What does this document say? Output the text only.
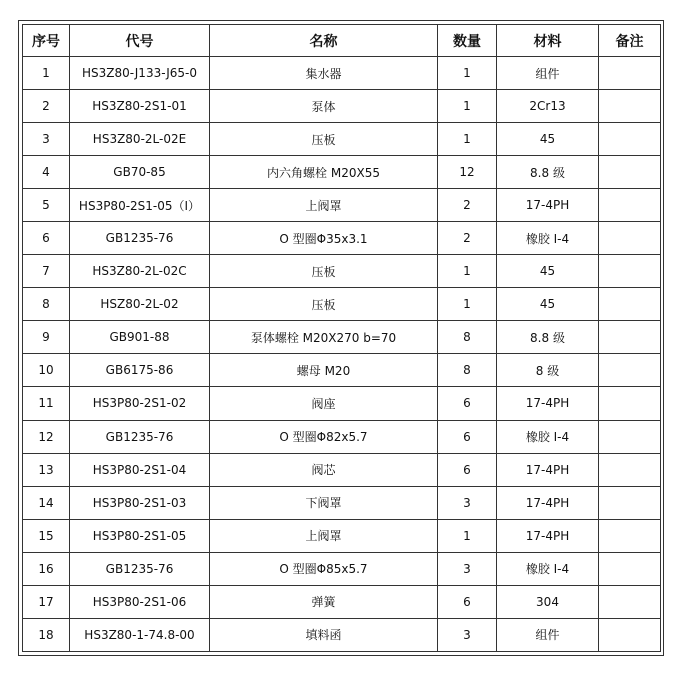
序号	代号	名称	数量	材料	备注
1	HS3Z80-J133-J65-0	集水器	1	组件	
2	HS3Z80-2S1-01	泵体	1	2Cr13	
3	HS3Z80-2L-02E	压板	1	45	
4	GB70-85	内六角螺栓 M20X55	12	8.8 级	
5	HS3P80-2S1-05（Ⅰ）	上阀罩	2	17-4PH	
6	GB1235-76	O 型圈Φ35x3.1	2	橡胶 I-4	
7	HS3Z80-2L-02C	压板	1	45	
8	HSZ80-2L-02	压板	1	45	
9	GB901-88	泵体螺栓 M20X270 b=70	8	8.8 级	
10	GB6175-86	螺母 M20	8	8 级	
11	HS3P80-2S1-02	阀座	6	17-4PH	
12	GB1235-76	O 型圈Φ82x5.7	6	橡胶 I-4	
13	HS3P80-2S1-04	阀芯	6	17-4PH	
14	HS3P80-2S1-03	下阀罩	3	17-4PH	
15	HS3P80-2S1-05	上阀罩	1	17-4PH	
16	GB1235-76	O 型圈Φ85x5.7	3	橡胶 I-4	
17	HS3P80-2S1-06	弹簧	6	304	
18	HS3Z80-1-74.8-00	填料函	3	组件	
